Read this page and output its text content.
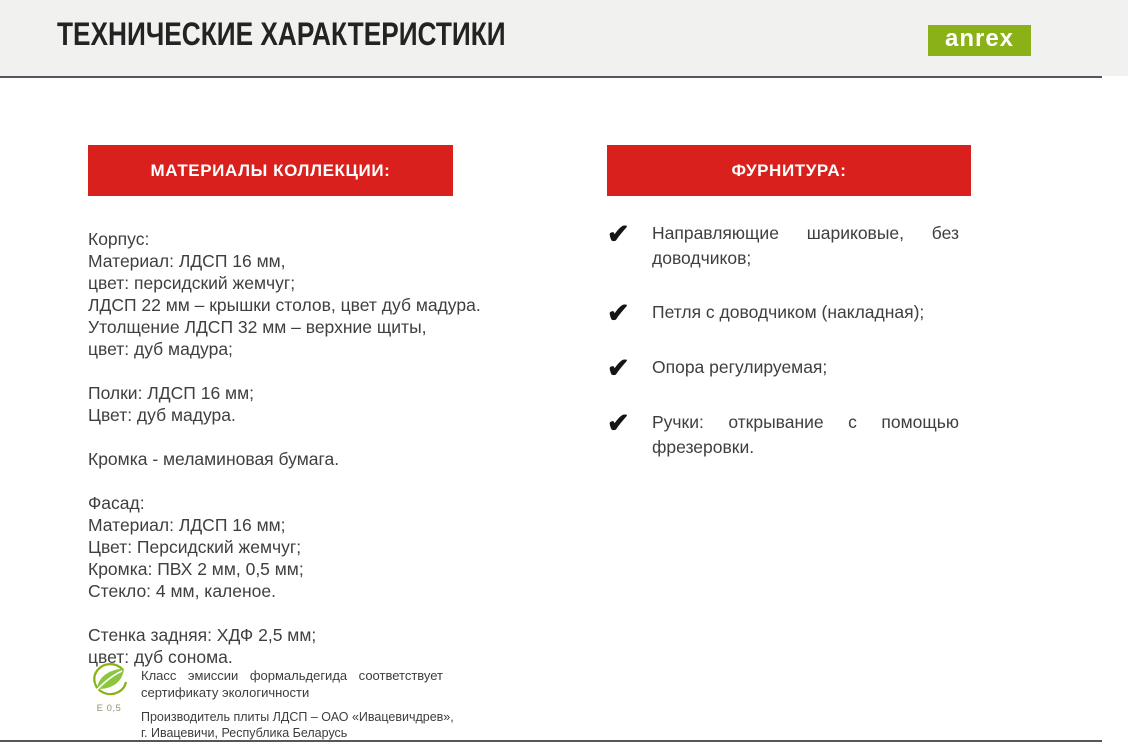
ТЕХНИЧЕСКИЕ ХАРАКТЕРИСТИКИ	anrex
МАТЕРИАЛЫ КОЛЛЕКЦИИ:	ФУРНИТУРА:
Корпус:
Материал: ЛДСП 16 мм,
цвет: персидский жемчуг;
ЛДСП 22 мм – крышки столов, цвет дуб мадура.
Утолщение ЛДСП 32 мм – верхние щиты,
цвет: дуб мадура;
Полки: ЛДСП 16 мм;
Цвет: дуб мадура.
Кромка - меламиновая бумага.
Фасад:
Материал: ЛДСП 16 мм;
Цвет: Персидский жемчуг;
Кромка: ПВХ 2 мм, 0,5 мм;
Стекло: 4 мм, каленое.
Стенка задняя: ХДФ 2,5 мм;
цвет: дуб сонома.
✔	Направляющие шариковые, без доводчиков;
✔	Петля с доводчиком (накладная);
✔	Опора регулируемая;
✔	Ручки: открывание с помощью фрезеровки.
E 0,5
Класс эмиссии формальдегида соответствует сертификату экологичности
Производитель плиты ЛДСП – ОАО «Ивацевичдрев»,
г. Ивацевичи, Республика Беларусь
